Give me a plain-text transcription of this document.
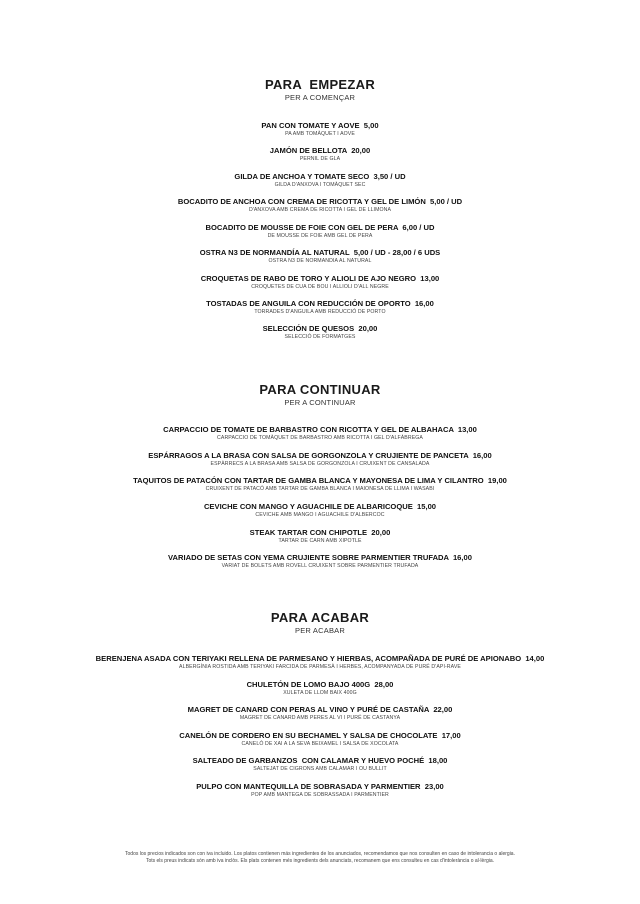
PARA  EMPEZAR
PER A COMENÇAR
PAN CON TOMATE Y AOVE  5,00
PA AMB TOMÀQUET I AOVE
JAMÓN DE BELLOTA  20,00
PERNIL DE GLA
GILDA DE ANCHOA Y TOMATE SECO  3,50 / UD
GILDA D'ANXOVA I TOMÀQUET SEC
BOCADITO DE ANCHOA CON CREMA DE RICOTTA Y GEL DE LIMÓN  5,00 / UD
D'ANXOVA AMB CREMA DE RICOTTA I GEL DE LLIMONA
BOCADITO DE MOUSSE DE FOIE CON GEL DE PERA  6,00 / UD
DE MOUSSE DE FOIE AMB GEL DE PERA
OSTRA N3 DE NORMANDÍA AL NATURAL  5,00 / UD - 28,00 / 6 UDS
OSTRA N3 DE NORMANDIA AL NATURAL
CROQUETAS DE RABO DE TORO Y ALIOLI DE AJO NEGRO  13,00
CROQUETES DE CUA DE BOU I ALLIOLI D'ALL NEGRE
TOSTADAS DE ANGUILA CON REDUCCIÓN DE OPORTO  16,00
TORRADES D'ANGUILA AMB REDUCCIÓ DE PORTO
SELECCIÓN DE QUESOS  20,00
SELECCIÓ DE FORMATGES
PARA CONTINUAR
PER A CONTINUAR
CARPACCIO DE TOMATE DE BARBASTRO CON RICOTTA Y GEL DE ALBAHACA  13,00
CARPACCIO DE TOMÀQUET DE BARBASTRO AMB RICOTTA I GEL D'ALFÀBREGA
ESPÁRRAGOS A LA BRASA CON SALSA DE GORGONZOLA Y CRUJIENTE DE PANCETA  16,00
ESPÀRRECS A LA BRASA AMB SALSA DE GORGONZOLA I CRUIXENT DE CANSALADA
TAQUITOS DE PATACÓN CON TARTAR DE GAMBA BLANCA Y MAYONESA DE LIMA Y CILANTRO  19,00
CRUIXENT DE PATACÓ AMB TARTAR DE GAMBA BLANCA I MAIONESA DE LLIMA I WASABI
CEVICHE CON MANGO Y AGUACHILE DE ALBARICOQUE  15,00
CEVICHE AMB MANGO I AGUACHILE D'ALBERCOC
STEAK TARTAR CON CHIPOTLE  20,00
TARTAR DE CARN AMB XIPOTLE
VARIADO DE SETAS CON YEMA CRUJIENTE SOBRE PARMENTIER TRUFADA  16,00
VARIAT DE BOLETS AMB ROVELL CRUIXENT SOBRE PARMENTIER TRUFADA
PARA ACABAR
PER ACABAR
BERENJENA ASADA CON TERIYAKI RELLENA DE PARMESANO Y HIERBAS, ACOMPAÑADA DE PURÉ DE APIONABO  14,00
ALBERGÍNIA ROSTIDA AMB TERIYAKI FARCIDA DE PARMESÀ I HERBES, ACOMPANYADA DE PURÉ D'API-RAVE
CHULETÓN DE LOMO BAJO 400G  28,00
XULETA DE LLOM BAIX 400G
MAGRET DE CANARD CON PERAS AL VINO Y PURÉ DE CASTAÑA  22,00
MAGRET DE CANARD AMB PERES AL VI I PURÉ DE CASTANYA
CANELÓN DE CORDERO EN SU BECHAMEL Y SALSA DE CHOCOLATE  17,00
CANELÓ DE XAI A LA SEVA BEIXAMEL I SALSA DE XOCOLATA
SALTEADO DE GARBANZOS  CON CALAMAR Y HUEVO POCHÉ  18,00
SALTEJAT DE CIGRONS AMB CALAMAR I OU BULLIT
PULPO CON MANTEQUILLA DE SOBRASADA Y PARMENTIER  23,00
POP AMB MANTEGA DE SOBRASSADA I PARMENTIER
Todos los precios indicados son con iva incluido. Los platos contienen más ingredientes de los anunciados, recomendamos que nos consulten en caso de intolerancia o alergia.
Tots els preus indicats són amb iva inclòs. Els plats contenen més ingredients dels anunciats, recomanem que ens consulteu en cas d'intolerància o al·lèrgia.
